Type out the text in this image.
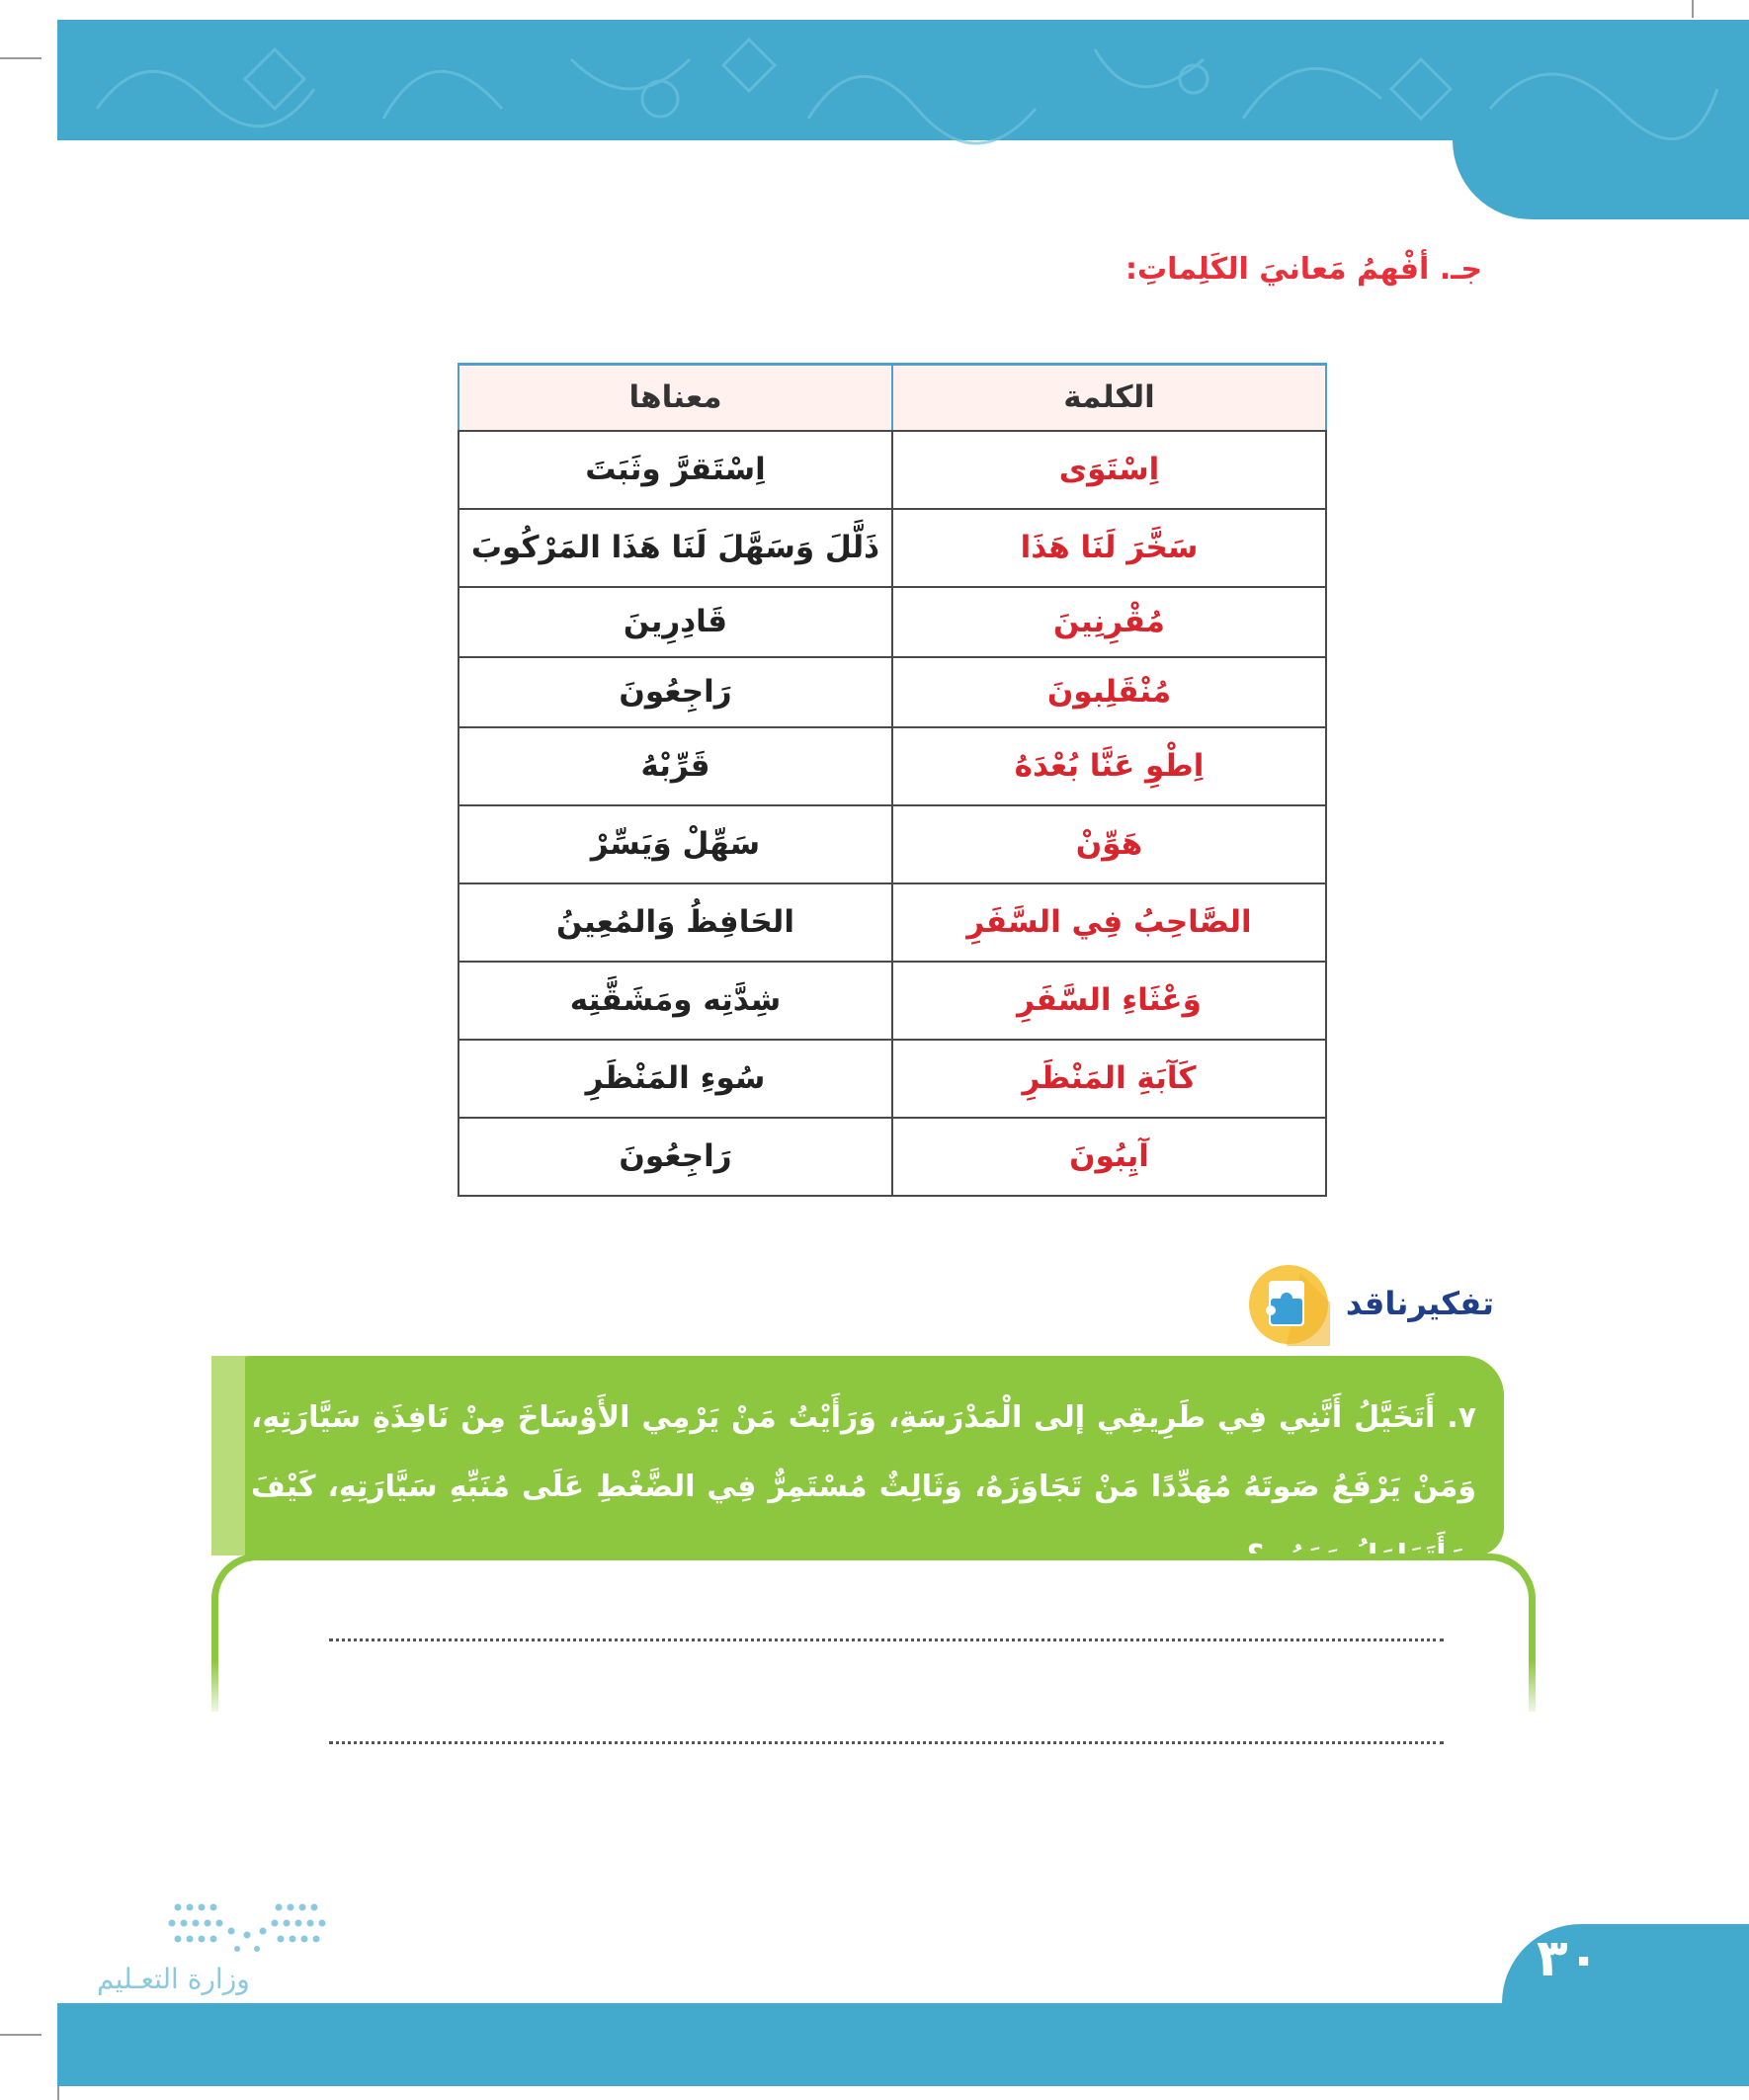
جـ. أفْهمُ مَعانيَ الكَلِماتِ:
الكلمة	معناها
اِسْتَوَى	اِسْتَقرَّ وثَبَتَ
سَخَّرَ لَنَا هَذَا	ذَلَّلَ وَسَهَّلَ لَنَا هَذَا المَرْكُوبَ
مُقْرِنِينَ	قَادِرِينَ
مُنْقَلِبونَ	رَاجِعُونَ
اِطْوِ عَنَّا بُعْدَهُ	قَرِّبْهُ
هَوِّنْ	سَهِّلْ وَيَسِّرْ
الصَّاحِبُ فِي السَّفَرِ	الحَافِظُ وَالمُعِينُ
وَعْثَاءِ السَّفَرِ	شِدَّتِه ومَشَقَّتِه
كَآبَةِ المَنْظَرِ	سُوءِ المَنْظَرِ
آيِبُونَ	رَاجِعُونَ
تفكيرناقد
٧. أَتَخَيَّلُ أَنَّنِي فِي طَرِيقِي إلى الْمَدْرَسَةِ، وَرَأَيْتُ مَنْ يَرْمِي الأَوْسَاخَ مِنْ نَافِذَةِ سَيَّارَتِهِ، وَمَنْ يَرْفَعُ صَوتَهُ مُهَدِّدًا مَنْ تَجَاوَزَهُ، وَثَالِثٌ مُسْتَمِرٌّ فِي الضَّغْطِ عَلَى مُنَبِّهِ سَيَّارَتِهِ، كَيْفَ سَأَتَعَامَلُ مَعَهُم؟
وزارة التعـليم	٣٠
